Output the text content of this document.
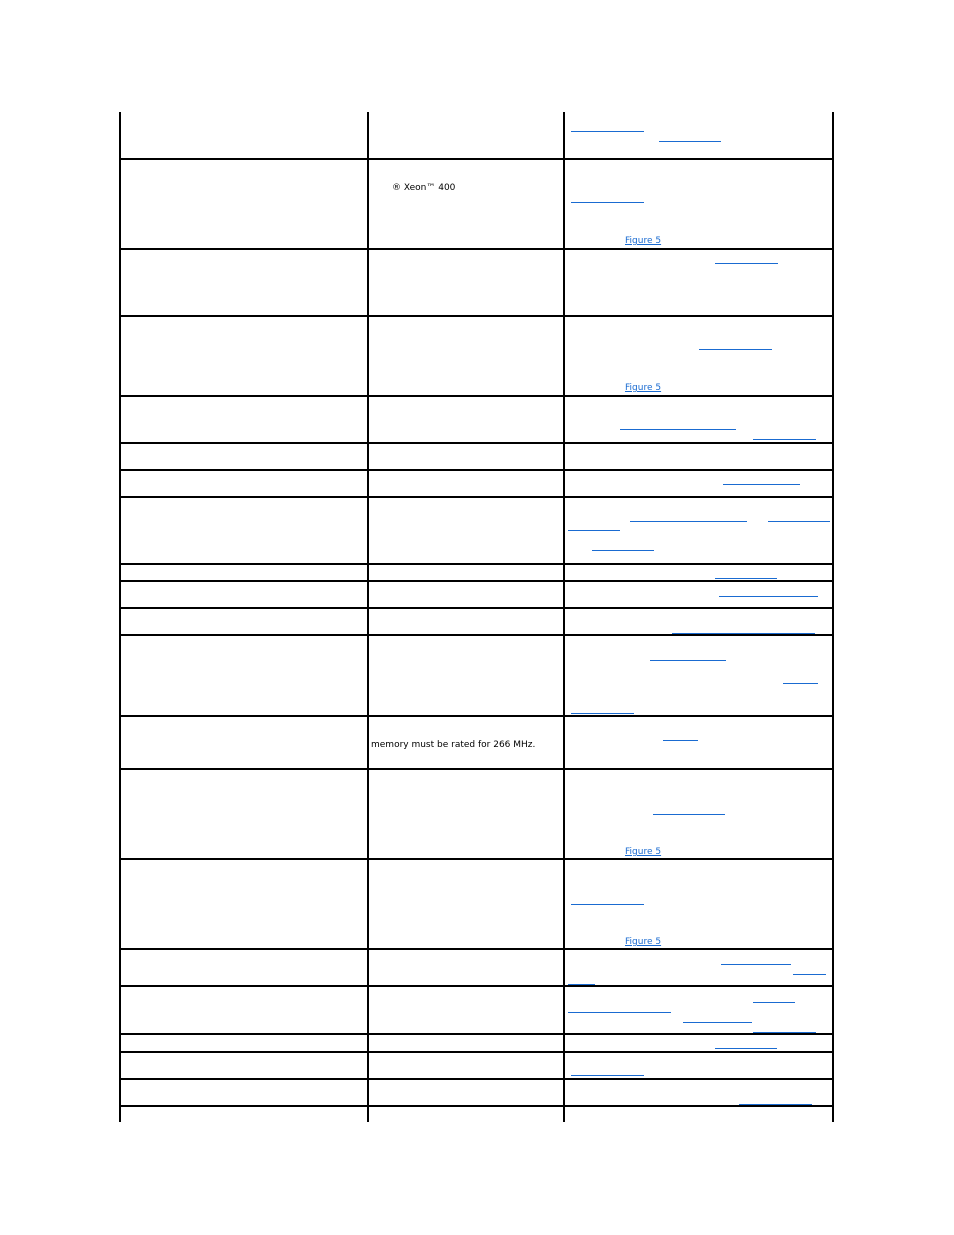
® Xeon™ 400
memory must be rated for 266 MHz.
Figure 5
Figure 5
Figure 5
Figure 5
